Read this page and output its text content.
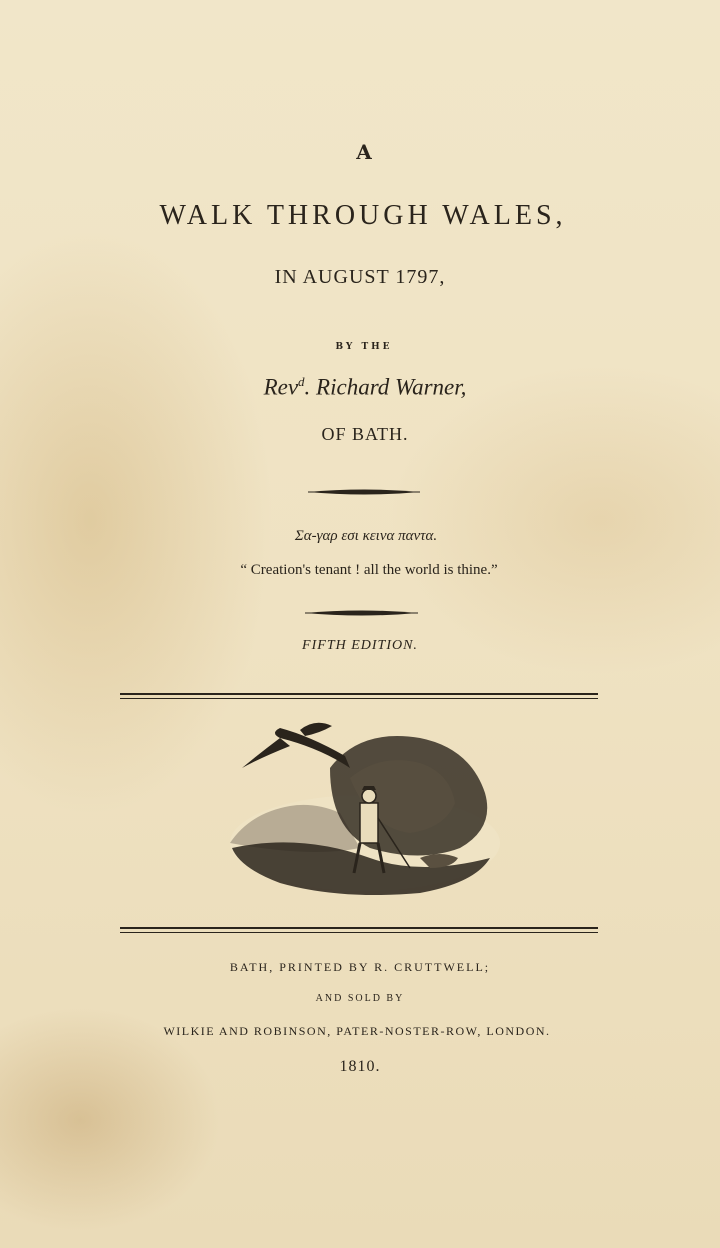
A

WALK THROUGH WALES,

IN AUGUST 1797,

BY THE

Rev$^d$. Richard Warner,

OF BATH.

Σα-γαρ εσι κεινα παντα.

“ Creation's tenant ! all the world is thine.”

FIFTH EDITION.

BATH, PRINTED BY R. CRUTTWELL;

AND SOLD BY

WILKIE AND ROBINSON, PATER-NOSTER-ROW, LONDON.

1810.
